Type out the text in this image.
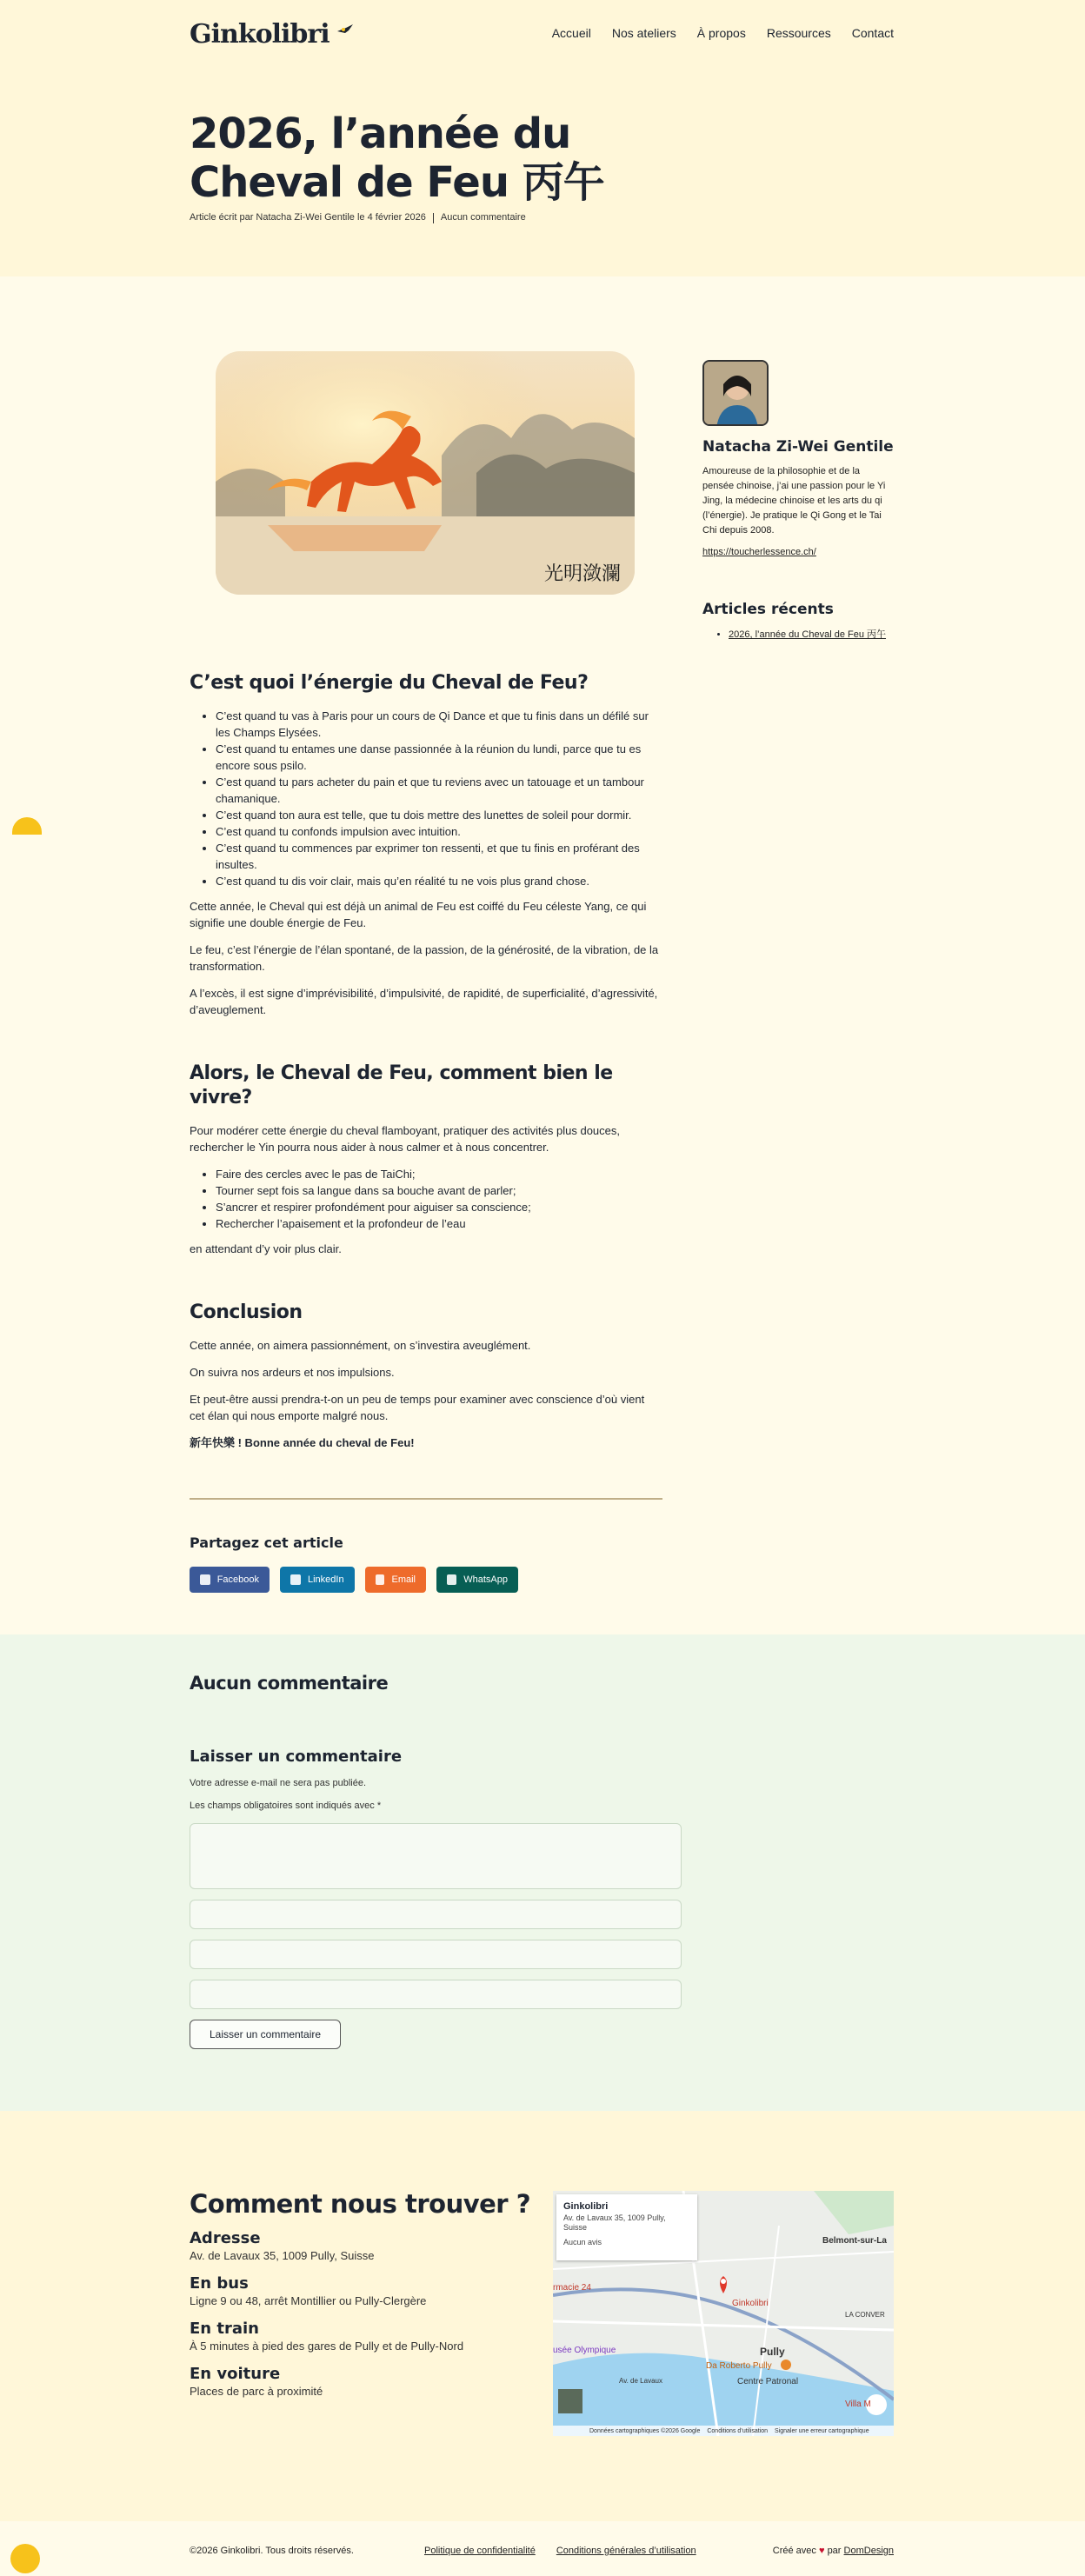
Ginkolibri	Accueil Nos ateliers À propos Ressources Contact
2026, l’année du Cheval de Feu 丙午
Article écrit par Natacha Zi-Wei Gentile le 4 février 2026 Aucun commentaire
光明潋瀾
C’est quoi l’énergie du Cheval de Feu?
• C’est quand tu vas à Paris pour un cours de Qi Dance et que tu finis dans un défilé sur les Champs Elysées.
• C’est quand tu entames une danse passionnée à la réunion du lundi, parce que tu es encore sous psilo.
• C’est quand tu pars acheter du pain et que tu reviens avec un tatouage et un tambour chamanique.
• C’est quand ton aura est telle, que tu dois mettre des lunettes de soleil pour dormir.
• C’est quand tu confonds impulsion avec intuition.
• C’est quand tu commences par exprimer ton ressenti, et que tu finis en proférant des insultes.
• C’est quand tu dis voir clair, mais qu’en réalité tu ne vois plus grand chose.

Cette année, le Cheval qui est déjà un animal de Feu est coiffé du Feu céleste Yang, ce qui signifie une double énergie de Feu.

Le feu, c’est l’énergie de l’élan spontané, de la passion, de la générosité, de la vibration, de la transformation.

A l’excès, il est signe d’imprévisibilité, d’impulsivité, de rapidité, de superficialité, d’agressivité, d’aveuglement.

Alors, le Cheval de Feu, comment bien le vivre?

Pour modérer cette énergie du cheval flamboyant, pratiquer des activités plus douces, rechercher le Yin pourra nous aider à nous calmer et à nous concentrer.

• Faire des cercles avec le pas de TaiChi;
• Tourner sept fois sa langue dans sa bouche avant de parler;
• S’ancrer et respirer profondément pour aiguiser sa conscience;
• Rechercher l’apaisement et la profondeur de l’eau

en attendant d’y voir plus clair.

Conclusion

Cette année, on aimera passionnément, on s’investira aveuglément.

On suivra nos ardeurs et nos impulsions.

Et peut-être aussi prendra-t-on un peu de temps pour examiner avec conscience d’où vient cet élan qui nous emporte malgré nous.

新年快樂 ! Bonne année du cheval de Feu!

Partagez cet article
Facebook	LinkedIn	Email	WhatsApp
Natacha Zi-Wei Gentile

Amoureuse de la philosophie et de la pensée chinoise, j’ai une passion pour le Yi Jing, la médecine chinoise et les arts du qi (l’énergie). Je pratique le Qi Gong et le Tai Chi depuis 2008.

https://toucherlessence.ch/
Articles récents
• 2026, l’année du Cheval de Feu 丙午
Aucun commentaire
Laisser un commentaire

Votre adresse e-mail ne sera pas publiée.

Les champs obligatoires sont indiqués avec *

Laisser un commentaire
Comment nous trouver ?
Adresse
Av. de Lavaux 35, 1009 Pully, Suisse
En bus
Ligne 9 ou 48, arrêt Montillier ou Pully-Clergère
En train
À 5 minutes à pied des gares de Pully et de Pully-Nord
En voiture
Places de parc à proximité
Ginkolibri
Av. de Lavaux 35, 1009 Pully, Suisse
Aucun avis	Belmont-sur-La
Ginkolibri
Pully
Da Roberto Pully
Centre Patronal
LA CONVER
Av. de Lavaux
Villa M
rmacie 24
usée Olympique
Données cartographiques ©2026 Google Conditions d’utilisation Signaler une erreur cartographique
©2026 Ginkolibri. Tous droits réservés.	Politique de confidentialité Conditions générales d’utilisation	Créé avec ♥ par DomDesign
